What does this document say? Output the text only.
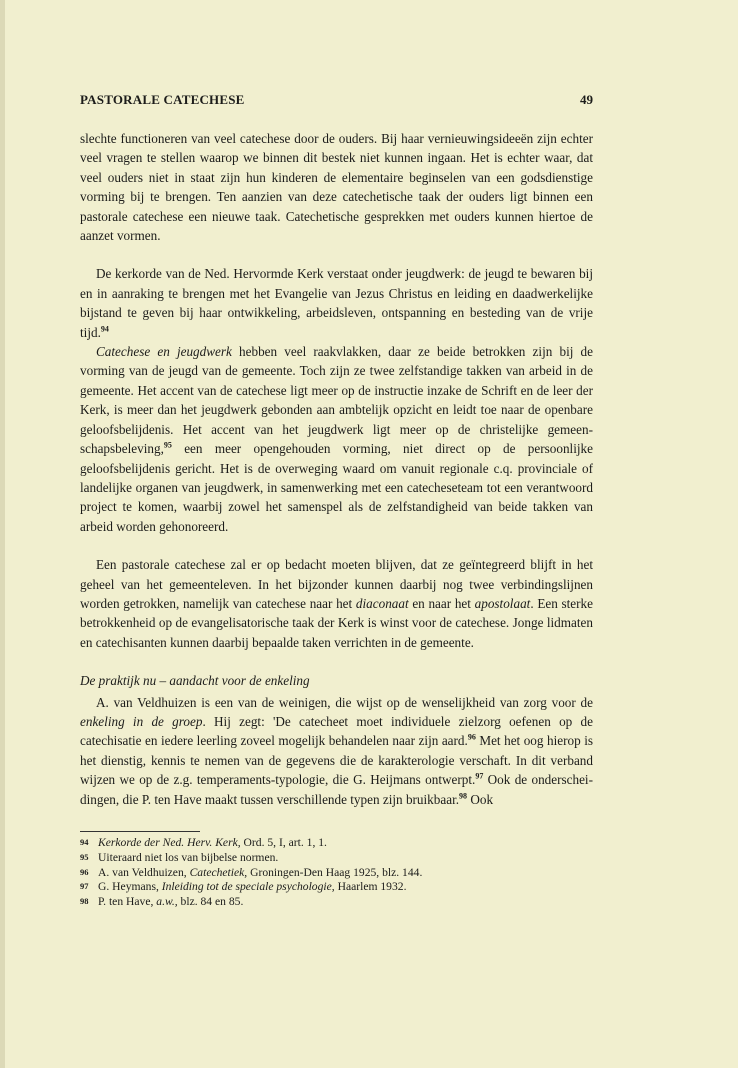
PASTORALE CATECHESE	49

slechte functioneren van veel catechese door de ouders. Bij haar vernieuwingsideeën zijn echter veel vragen te stellen waarop we binnen dit bestek niet kunnen ingaan. Het is echter waar, dat veel ouders niet in staat zijn hun kinderen de elementaire beginselen van een godsdienstige vorming bij te brengen. Ten aanzien van deze catechetische taak der ouders ligt binnen een pastorale catechese een nieuwe taak. Catechetische gesprekken met ouders kunnen hiertoe de aanzet vormen.

De kerkorde van de Ned. Hervormde Kerk verstaat onder jeugdwerk: de jeugd te bewaren bij en in aanraking te brengen met het Evangelie van Jezus Christus en leiding en daadwerkelijke bijstand te geven bij haar ontwikkeling, arbeidsleven, ontspanning en besteding van de vrije tijd.$^{94}$

Catechese en jeugdwerk hebben veel raakvlakken, daar ze beide betrokken zijn bij de vorming van de jeugd van de gemeente. Toch zijn ze twee zelfstandige takken van arbeid in de gemeente. Het accent van de catechese ligt meer op de instructie inzake de Schrift en de leer der Kerk, is meer dan het jeugdwerk gebonden aan ambtelijk opzicht en leidt toe naar de openbare geloofsbelijdenis. Het accent van het jeugdwerk ligt meer op de christelijke gemeenschapsbeleving,$^{95}$ een meer opengehouden vorming, niet direct op de persoonlijke geloofsbelijdenis gericht. Het is de overweging waard om vanuit regionale c.q. provinciale of landelijke organen van jeugdwerk, in samenwerking met een catecheseteam tot een verantwoord project te komen, waarbij zowel het samenspel als de zelfstandigheid van beide takken van arbeid worden gehonoreerd.

Een pastorale catechese zal er op bedacht moeten blijven, dat ze geïntegreerd blijft in het geheel van het gemeenteleven. In het bijzonder kunnen daarbij nog twee verbindingslijnen worden getrokken, namelijk van catechese naar het diaconaat en naar het apostolaat. Een sterke betrokkenheid op de evangelisatorische taak der Kerk is winst voor de catechese. Jonge lidmaten en catechisanten kunnen daarbij bepaalde taken verrichten in de gemeente.

De praktijk nu – aandacht voor de enkeling

A. van Veldhuizen is een van de weinigen, die wijst op de wenselijkheid van zorg voor de enkeling in de groep. Hij zegt: 'De catecheet moet individuele zielzorg oefenen op de catechisatie en iedere leerling zoveel mogelijk behandelen naar zijn aard.$^{96}$ Met het oog hierop is het dienstig, kennis te nemen van de gegevens die de karakterologie verschaft. In dit verband wijzen we op de z.g. temperaments-typologie, die G. Heijmans ontwerpt.$^{97}$ Ook de onderscheidingen, die P. ten Have maakt tussen verschillende typen zijn bruikbaar.$^{98}$ Ook

94 Kerkorde der Ned. Herv. Kerk, Ord. 5, I, art. 1, 1.
95 Uiteraard niet los van bijbelse normen.
96 A. van Veldhuizen, Catechetiek, Groningen-Den Haag 1925, blz. 144.
97 G. Heymans, Inleiding tot de speciale psychologie, Haarlem 1932.
98 P. ten Have, a.w., blz. 84 en 85.
